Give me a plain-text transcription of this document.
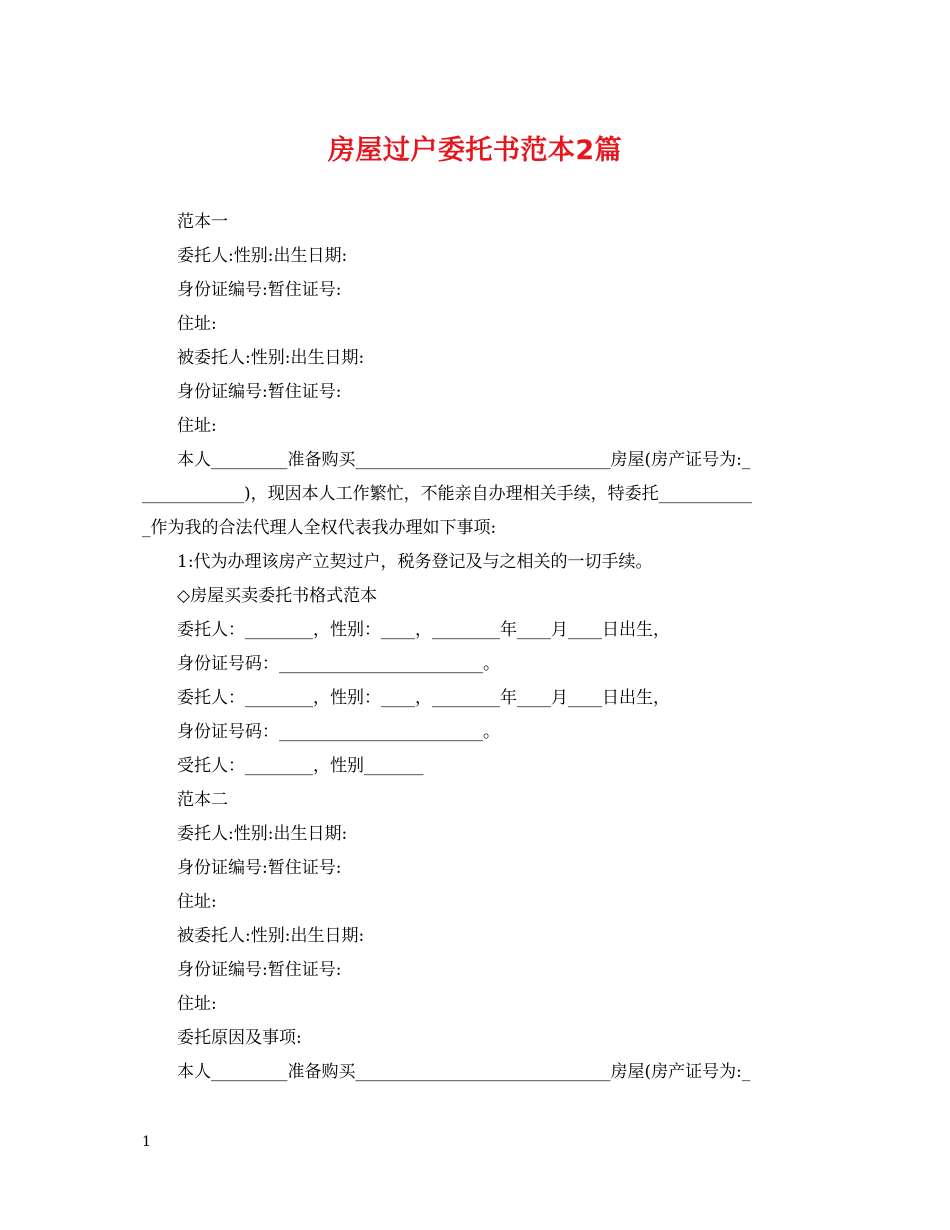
房屋过户委托书范本2篇
范本一
委托人:性别:出生日期:
身份证编号:暂住证号:
住址:
被委托人:性别:出生日期:
身份证编号:暂住证号:
住址:
本人_________准备购买______________________________房屋(房产证号为:_
____________)，现因本人工作繁忙，不能亲自办理相关手续，特委托___________
_作为我的合法代理人全权代表我办理如下事项:
1:代为办理该房产立契过户，税务登记及与之相关的一切手续。
◇房屋买卖委托书格式范本
委托人：________，性别：____，________年____月____日出生，
身份证号码：________________________。
委托人：________，性别：____，________年____月____日出生，
身份证号码：________________________。
受托人：________，性别_______
范本二
委托人:性别:出生日期:
身份证编号:暂住证号:
住址:
被委托人:性别:出生日期:
身份证编号:暂住证号:
住址:
委托原因及事项:
本人_________准备购买______________________________房屋(房产证号为:_
1
